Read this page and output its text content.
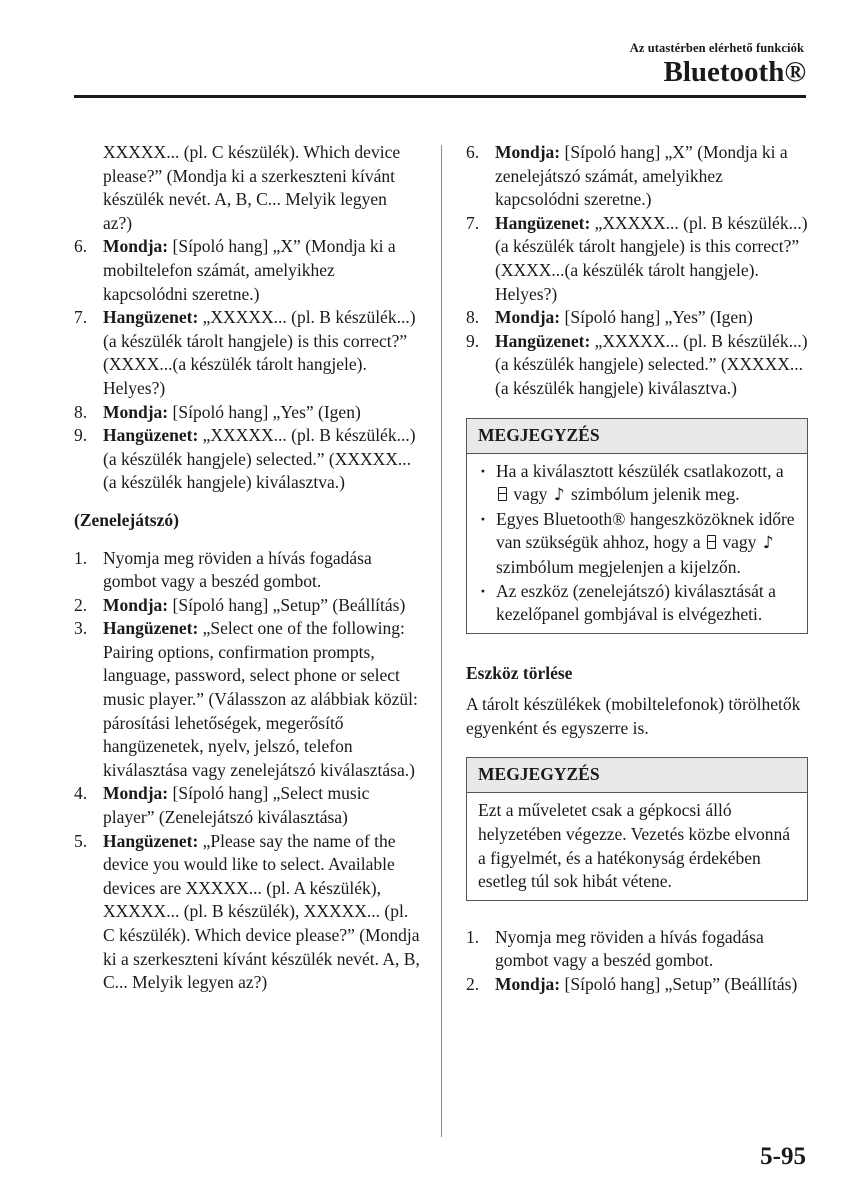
Az utastérben elérhető funkciók
Bluetooth®
XXXXX... (pl. C készülék). Which device please?” (Mondja ki a szerkeszteni kívánt készülék nevét. A, B, C... Melyik legyen az?)
6. Mondja: [Sípoló hang] „X” (Mondja ki a mobiltelefon számát, amelyikhez kapcsolódni szeretne.)
7. Hangüzenet: „XXXXX... (pl. B készülék...) (a készülék tárolt hangjele) is this correct?” (XXXX...(a készülék tárolt hangjele). Helyes?)
8. Mondja: [Sípoló hang] „Yes” (Igen)
9. Hangüzenet: „XXXXX... (pl. B készülék...) (a készülék hangjele) selected.” (XXXXX...(a készülék hangjele) kiválasztva.)
(Zenelejátszó)
1. Nyomja meg röviden a hívás fogadása gombot vagy a beszéd gombot.
2. Mondja: [Sípoló hang] „Setup” (Beállítás)
3. Hangüzenet: „Select one of the following: Pairing options, confirmation prompts, language, password, select phone or select music player.” (Válasszon az alábbiak közül: párosítási lehetőségek, megerősítő hangüzenetek, nyelv, jelszó, telefon kiválasztása vagy zenelejátszó kiválasztása.)
4. Mondja: [Sípoló hang] „Select music player” (Zenelejátszó kiválasztása)
5. Hangüzenet: „Please say the name of the device you would like to select. Available devices are XXXXX... (pl. A készülék), XXXXX... (pl. B készülék), XXXXX... (pl. C készülék). Which device please?” (Mondja ki a szerkeszteni kívánt készülék nevét. A, B, C... Melyik legyen az?)
6. Mondja: [Sípoló hang] „X” (Mondja ki a zenelejátszó számát, amelyikhez kapcsolódni szeretne.)
7. Hangüzenet: „XXXXX... (pl. B készülék...) (a készülék tárolt hangjele) is this correct?” (XXXX...(a készülék tárolt hangjele). Helyes?)
8. Mondja: [Sípoló hang] „Yes” (Igen)
9. Hangüzenet: „XXXXX... (pl. B készülék...) (a készülék hangjele) selected.” (XXXXX...(a készülék hangjele) kiválasztva.)
MEGJEGYZÉS
· Ha a kiválasztott készülék csatlakozott, a  vagy ♪ szimbólum jelenik meg.
· Egyes Bluetooth® hangeszközöknek időre van szükségük ahhoz, hogy a vagy ♪ szimbólum megjelenjen a kijelzőn.
· Az eszköz (zenelejátszó) kiválasztását a kezelőpanel gombjával is elvégezheti.
Eszköz törlése
A tárolt készülékek (mobiltelefonok) törölhetők egyenként és egyszerre is.
MEGJEGYZÉS
Ezt a műveletet csak a gépkocsi álló helyzetében végezze. Vezetés közbe elvonná a figyelmét, és a hatékonyság érdekében esetleg túl sok hibát vétene.
1. Nyomja meg röviden a hívás fogadása gombot vagy a beszéd gombot.
2. Mondja: [Sípoló hang] „Setup” (Beállítás)
5-95
